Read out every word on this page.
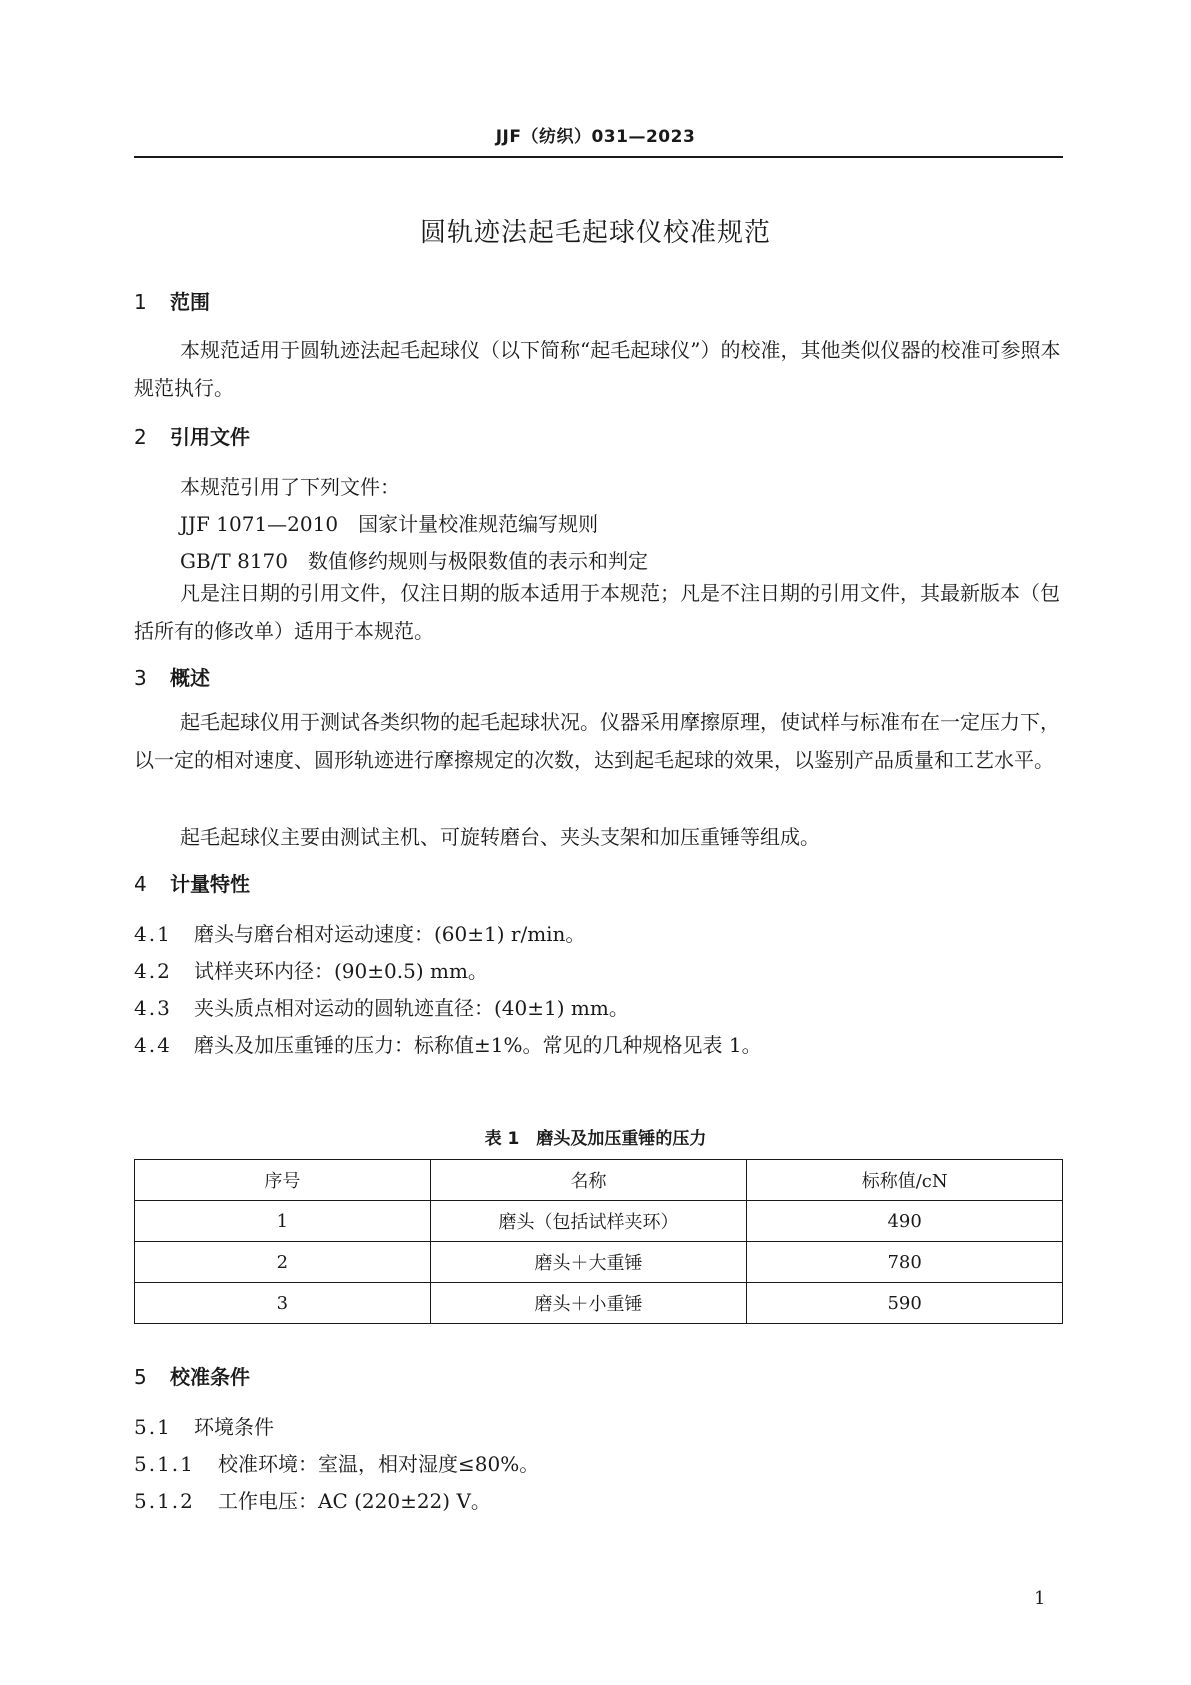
JJF（纺织）031—2023
圆轨迹法起毛起球仪校准规范
1 范围
本规范适用于圆轨迹法起毛起球仪（以下简称“起毛起球仪”）的校准，其他类似仪器的校准可参照本规范执行。
2 引用文件
本规范引用了下列文件：
JJF 1071—2010　国家计量校准规范编写规则
GB/T 8170　数值修约规则与极限数值的表示和判定
凡是注日期的引用文件，仅注日期的版本适用于本规范；凡是不注日期的引用文件，其最新版本（包括所有的修改单）适用于本规范。
3 概述
起毛起球仪用于测试各类织物的起毛起球状况。仪器采用摩擦原理，使试样与标准布在一定压力下，以一定的相对速度、圆形轨迹进行摩擦规定的次数，达到起毛起球的效果，以鉴别产品质量和工艺水平。
起毛起球仪主要由测试主机、可旋转磨台、夹头支架和加压重锤等组成。
4 计量特性
4.1 磨头与磨台相对运动速度：(60±1) r/min。
4.2 试样夹环内径：(90±0.5) mm。
4.3 夹头质点相对运动的圆轨迹直径：(40±1) mm。
4.4 磨头及加压重锤的压力：标称值±1%。常见的几种规格见表 1。
表 1　磨头及加压重锤的压力
序号	名称	标称值/cN
1	磨头（包括试样夹环）	490
2	磨头＋大重锤	780
3	磨头＋小重锤	590
5 校准条件
5.1 环境条件
5.1.1 校准环境：室温，相对湿度≤80%。
5.1.2 工作电压：AC (220±22) V。
1
